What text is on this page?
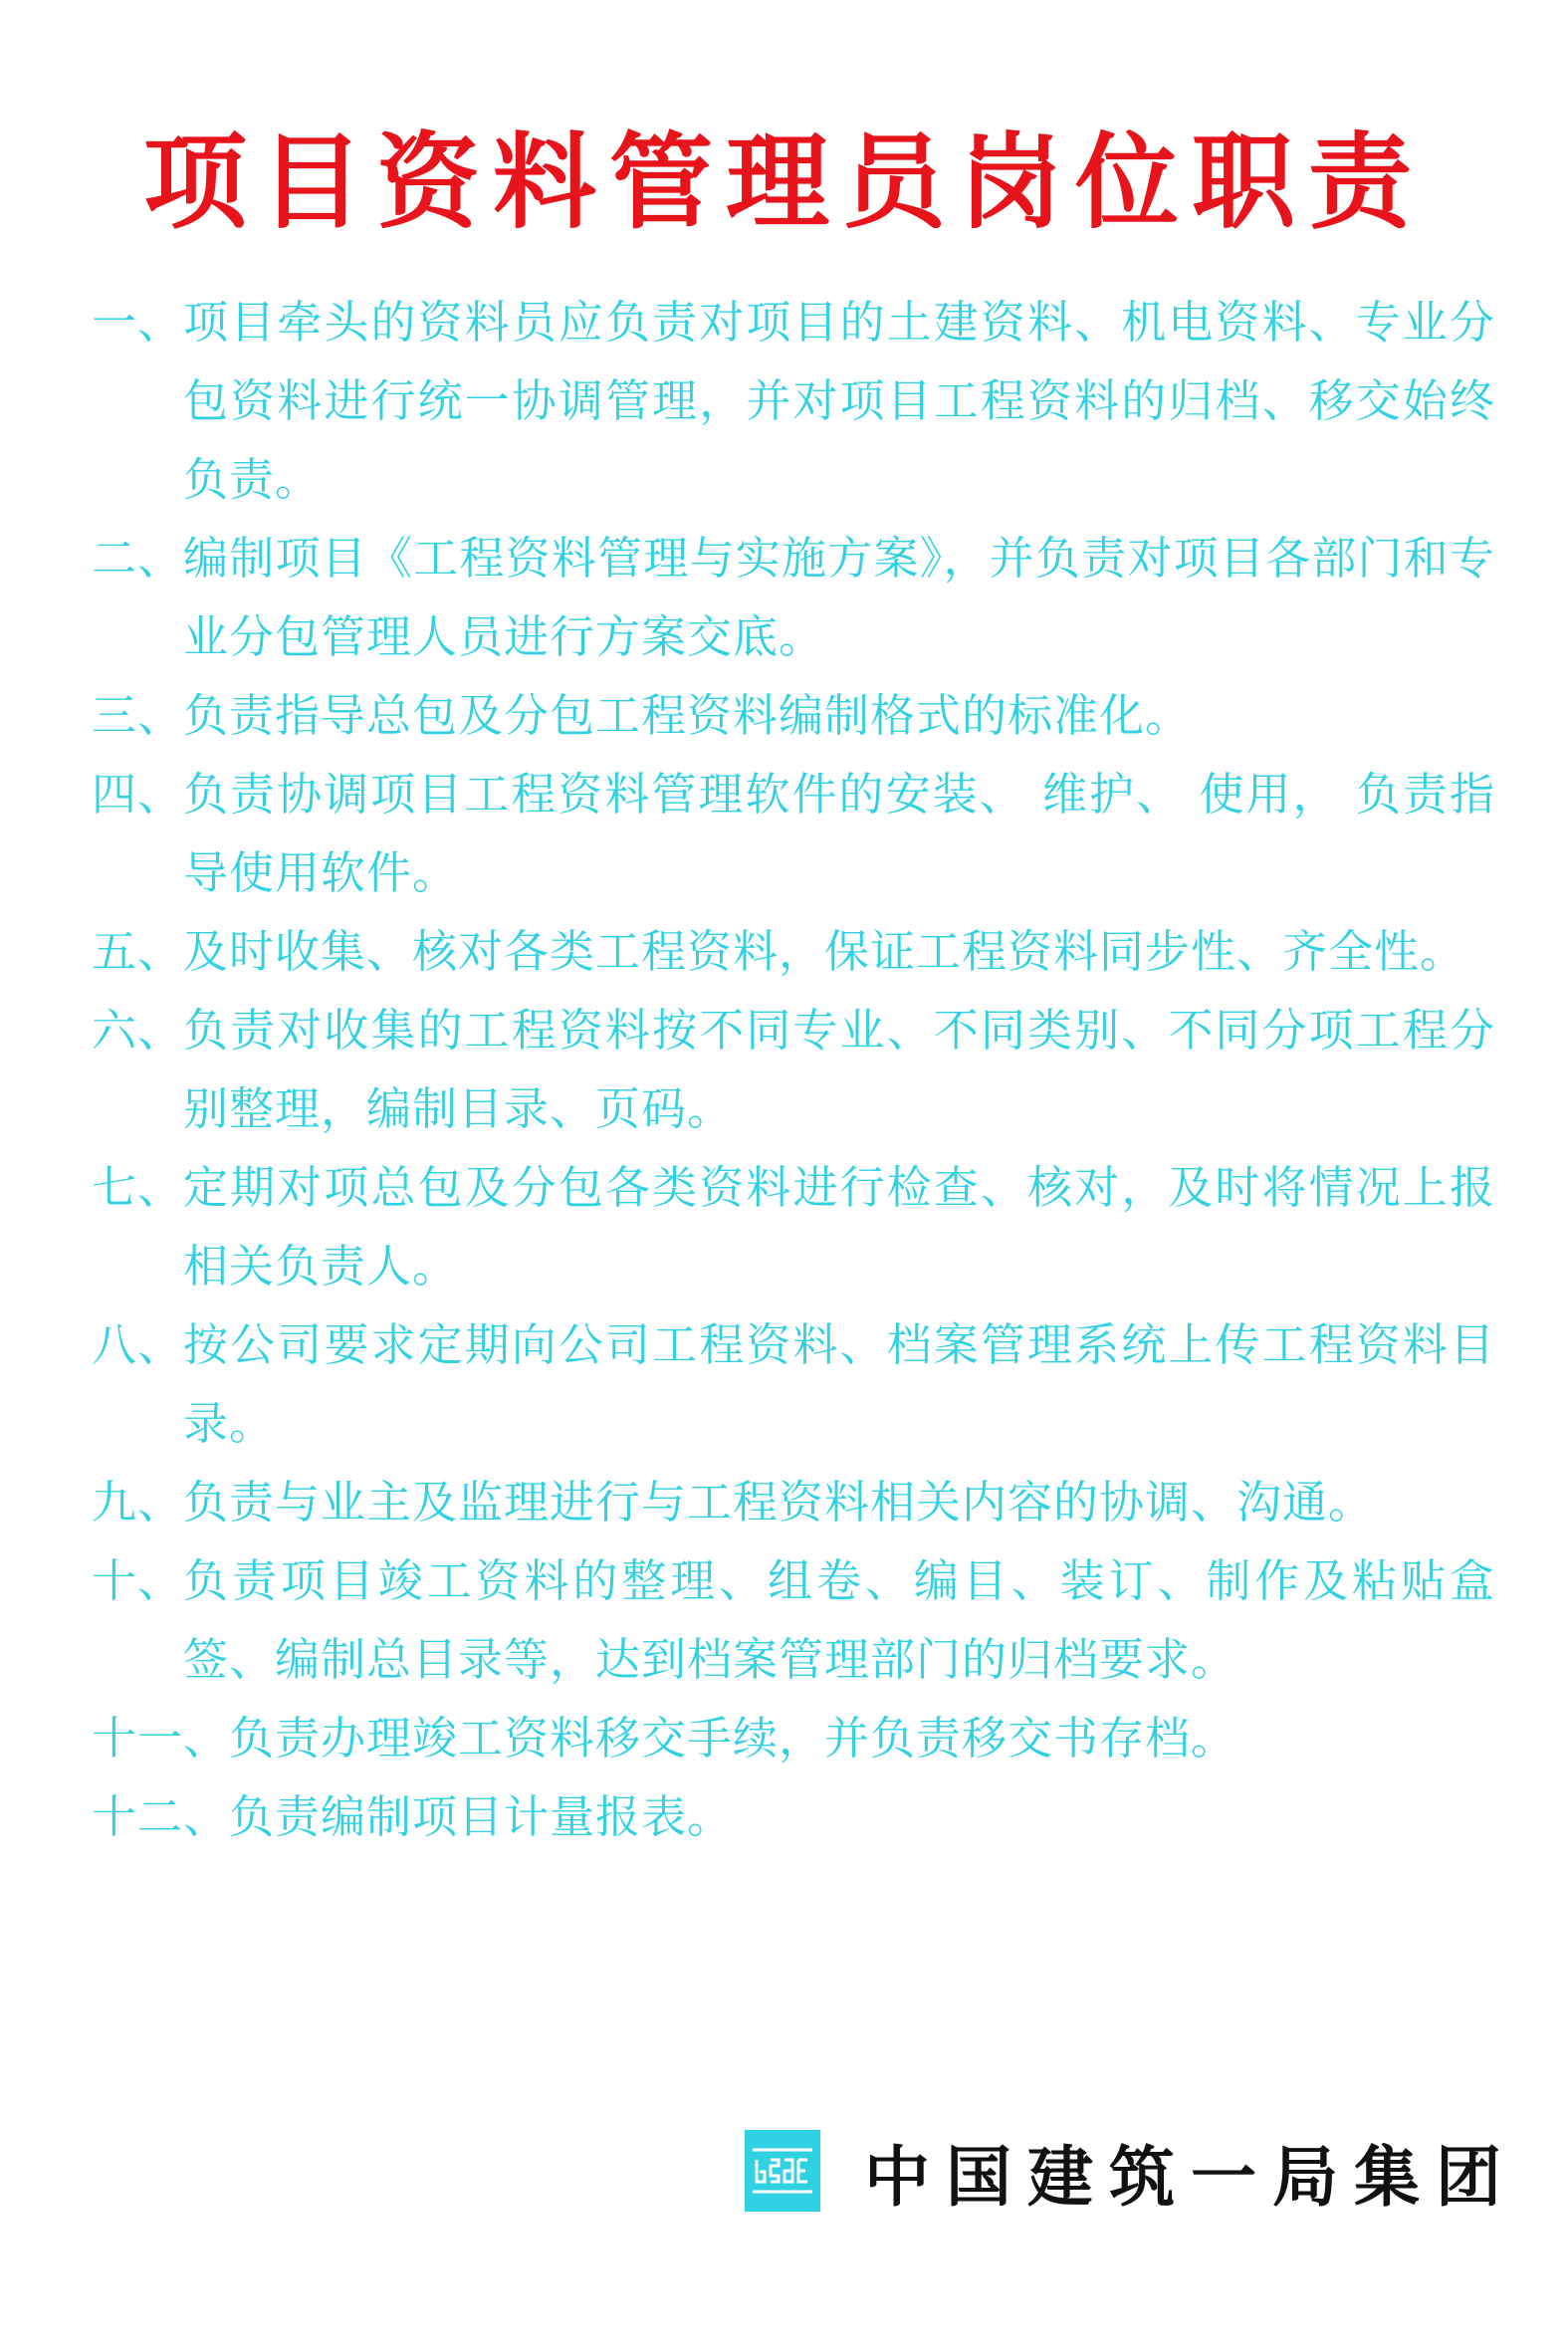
项目资料管理员岗位职责
一、 项目牵头的资料员应负责对项目的土建资料、机电资料、专业分包资料进行统一协调管理，并对项目工程资料的归档、移交始终负责。
二、 编制项目《工程资料管理与实施方案》，并负责对项目各部门和专业分包管理人员进行方案交底。
三、 负责指导总包及分包工程资料编制格式的标准化。
四、 负责协调项目工程资料管理软件的安装、 维护、 使用， 负责指导使用软件。
五、 及时收集、核对各类工程资料，保证工程资料同步性、齐全性。
六、 负责对收集的工程资料按不同专业、不同类别、不同分项工程分别整理，编制目录、页码。
七、 定期对项总包及分包各类资料进行检查、核对，及时将情况上报相关负责人。
八、 按公司要求定期向公司工程资料、档案管理系统上传工程资料目录。
九、 负责与业主及监理进行与工程资料相关内容的协调、沟通。
十、 负责项目竣工资料的整理、组卷、编目、装订、制作及粘贴盒签、编制总目录等，达到档案管理部门的归档要求。
十一、 负责办理竣工资料移交手续，并负责移交书存档。
十二、 负责编制项目计量报表。
中国建筑一局集团
